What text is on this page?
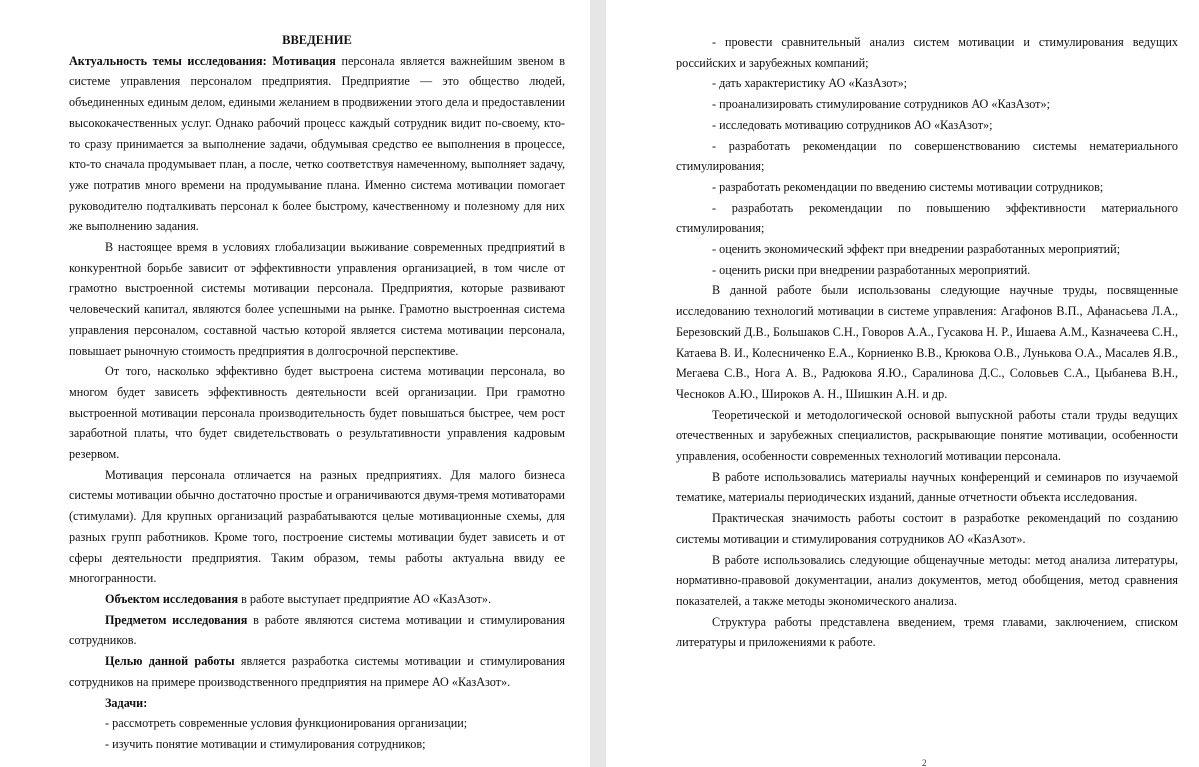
ВВЕДЕНИЕ

Актуальность темы исследования: Мотивация персонала является важнейшим звеном в системе управления персоналом предприятия. Предприятие — это общество людей, объединенных единым делом, едиными желанием в продвижении этого дела и предоставлении высококачественных услуг. Однако рабочий процесс каждый сотрудник видит по-своему, кто-то сразу принимается за выполнение задачи, обдумывая средство ее выполнения в процессе, кто-то сначала продумывает план, а после, четко соответствуя намеченному, выполняет задачу, уже потратив много времени на продумывание плана. Именно система мотивации помогает руководителю подталкивать персонал к более быстрому, качественному и полезному для них же выполнению задания.

В настоящее время в условиях глобализации выживание современных предприятий в конкурентной борьбе зависит от эффективности управления организацией, в том числе от грамотно выстроенной системы мотивации персонала. Предприятия, которые развивают человеческий капитал, являются более успешными на рынке. Грамотно выстроенная система управления персоналом, составной частью которой является система мотивации персонала, повышает рыночную стоимость предприятия в долгосрочной перспективе.

От того, насколько эффективно будет выстроена система мотивации персонала, во многом будет зависеть эффективность деятельности всей организации. При грамотно выстроенной мотивации персонала производительность будет повышаться быстрее, чем рост заработной платы, что будет свидетельствовать о результативности управления кадровым резервом.

Мотивация персонала отличается на разных предприятиях. Для малого бизнеса системы мотивации обычно достаточно простые и ограничиваются двумя-тремя мотиваторами (стимулами). Для крупных организаций разрабатываются целые мотивационные схемы, для разных групп работников. Кроме того, построение системы мотивации будет зависеть и от сферы деятельности предприятия. Таким образом, темы работы актуальна ввиду ее многогранности.

Объектом исследования в работе выступает предприятие АО «КазАзот».

Предметом исследования в работе являются система мотивации и стимулирования сотрудников.

Целью данной работы является разработка системы мотивации и стимулирования сотрудников на примере производственного предприятия на примере АО «КазАзот».

Задачи:

- рассмотреть современные условия функционирования организации;

- изучить понятие мотивации и стимулирования сотрудников;

- провести сравнительный анализ систем мотивации и стимулирования ведущих российских и зарубежных компаний;

- дать характеристику АО «КазАзот»;

- проанализировать стимулирование сотрудников АО «КазАзот»;

- исследовать мотивацию сотрудников АО «КазАзот»;

- разработать рекомендации по совершенствованию системы нематериального стимулирования;

- разработать рекомендации по введению системы мотивации сотрудников;

- разработать рекомендации по повышению эффективности материального стимулирования;

- оценить экономический эффект при внедрении разработанных мероприятий;

- оценить риски при внедрении разработанных мероприятий.

В данной работе были использованы следующие научные труды, посвященные исследованию технологий мотивации в системе управления: Агафонов В.П., Афанасьева Л.А., Березовский Д.В., Большаков С.Н., Говоров А.А., Гусакова Н. Р., Ишаева А.М., Казначеева С.Н., Катаева В. И., Колесниченко Е.А., Корниенко В.В., Крюкова О.В., Лунькова О.А., Масалев Я.В., Мегаева С.В., Нога А. В., Радюкова Я.Ю., Саралинова Д.С., Соловьев С.А., Цыбанева В.Н., Чесноков А.Ю., Широков А. Н., Шишкин А.Н. и др.

Теоретической и методологической основой выпускной работы стали труды ведущих отечественных и зарубежных специалистов, раскрывающие понятие мотивации, особенности управления, особенности современных технологий мотивации персонала.

В работе использовались материалы научных конференций и семинаров по изучаемой тематике, материалы периодических изданий, данные отчетности объекта исследования.

Практическая значимость работы состоит в разработке рекомендаций по созданию системы мотивации и стимулирования сотрудников АО «КазАзот».

В работе использовались следующие общенаучные методы: метод анализа литературы, нормативно-правовой документации, анализ документов, метод обобщения, метод сравнения показателей, а также методы экономического анализа.

Структура работы представлена введением, тремя главами, заключением, списком литературы и приложениями к работе.

2
